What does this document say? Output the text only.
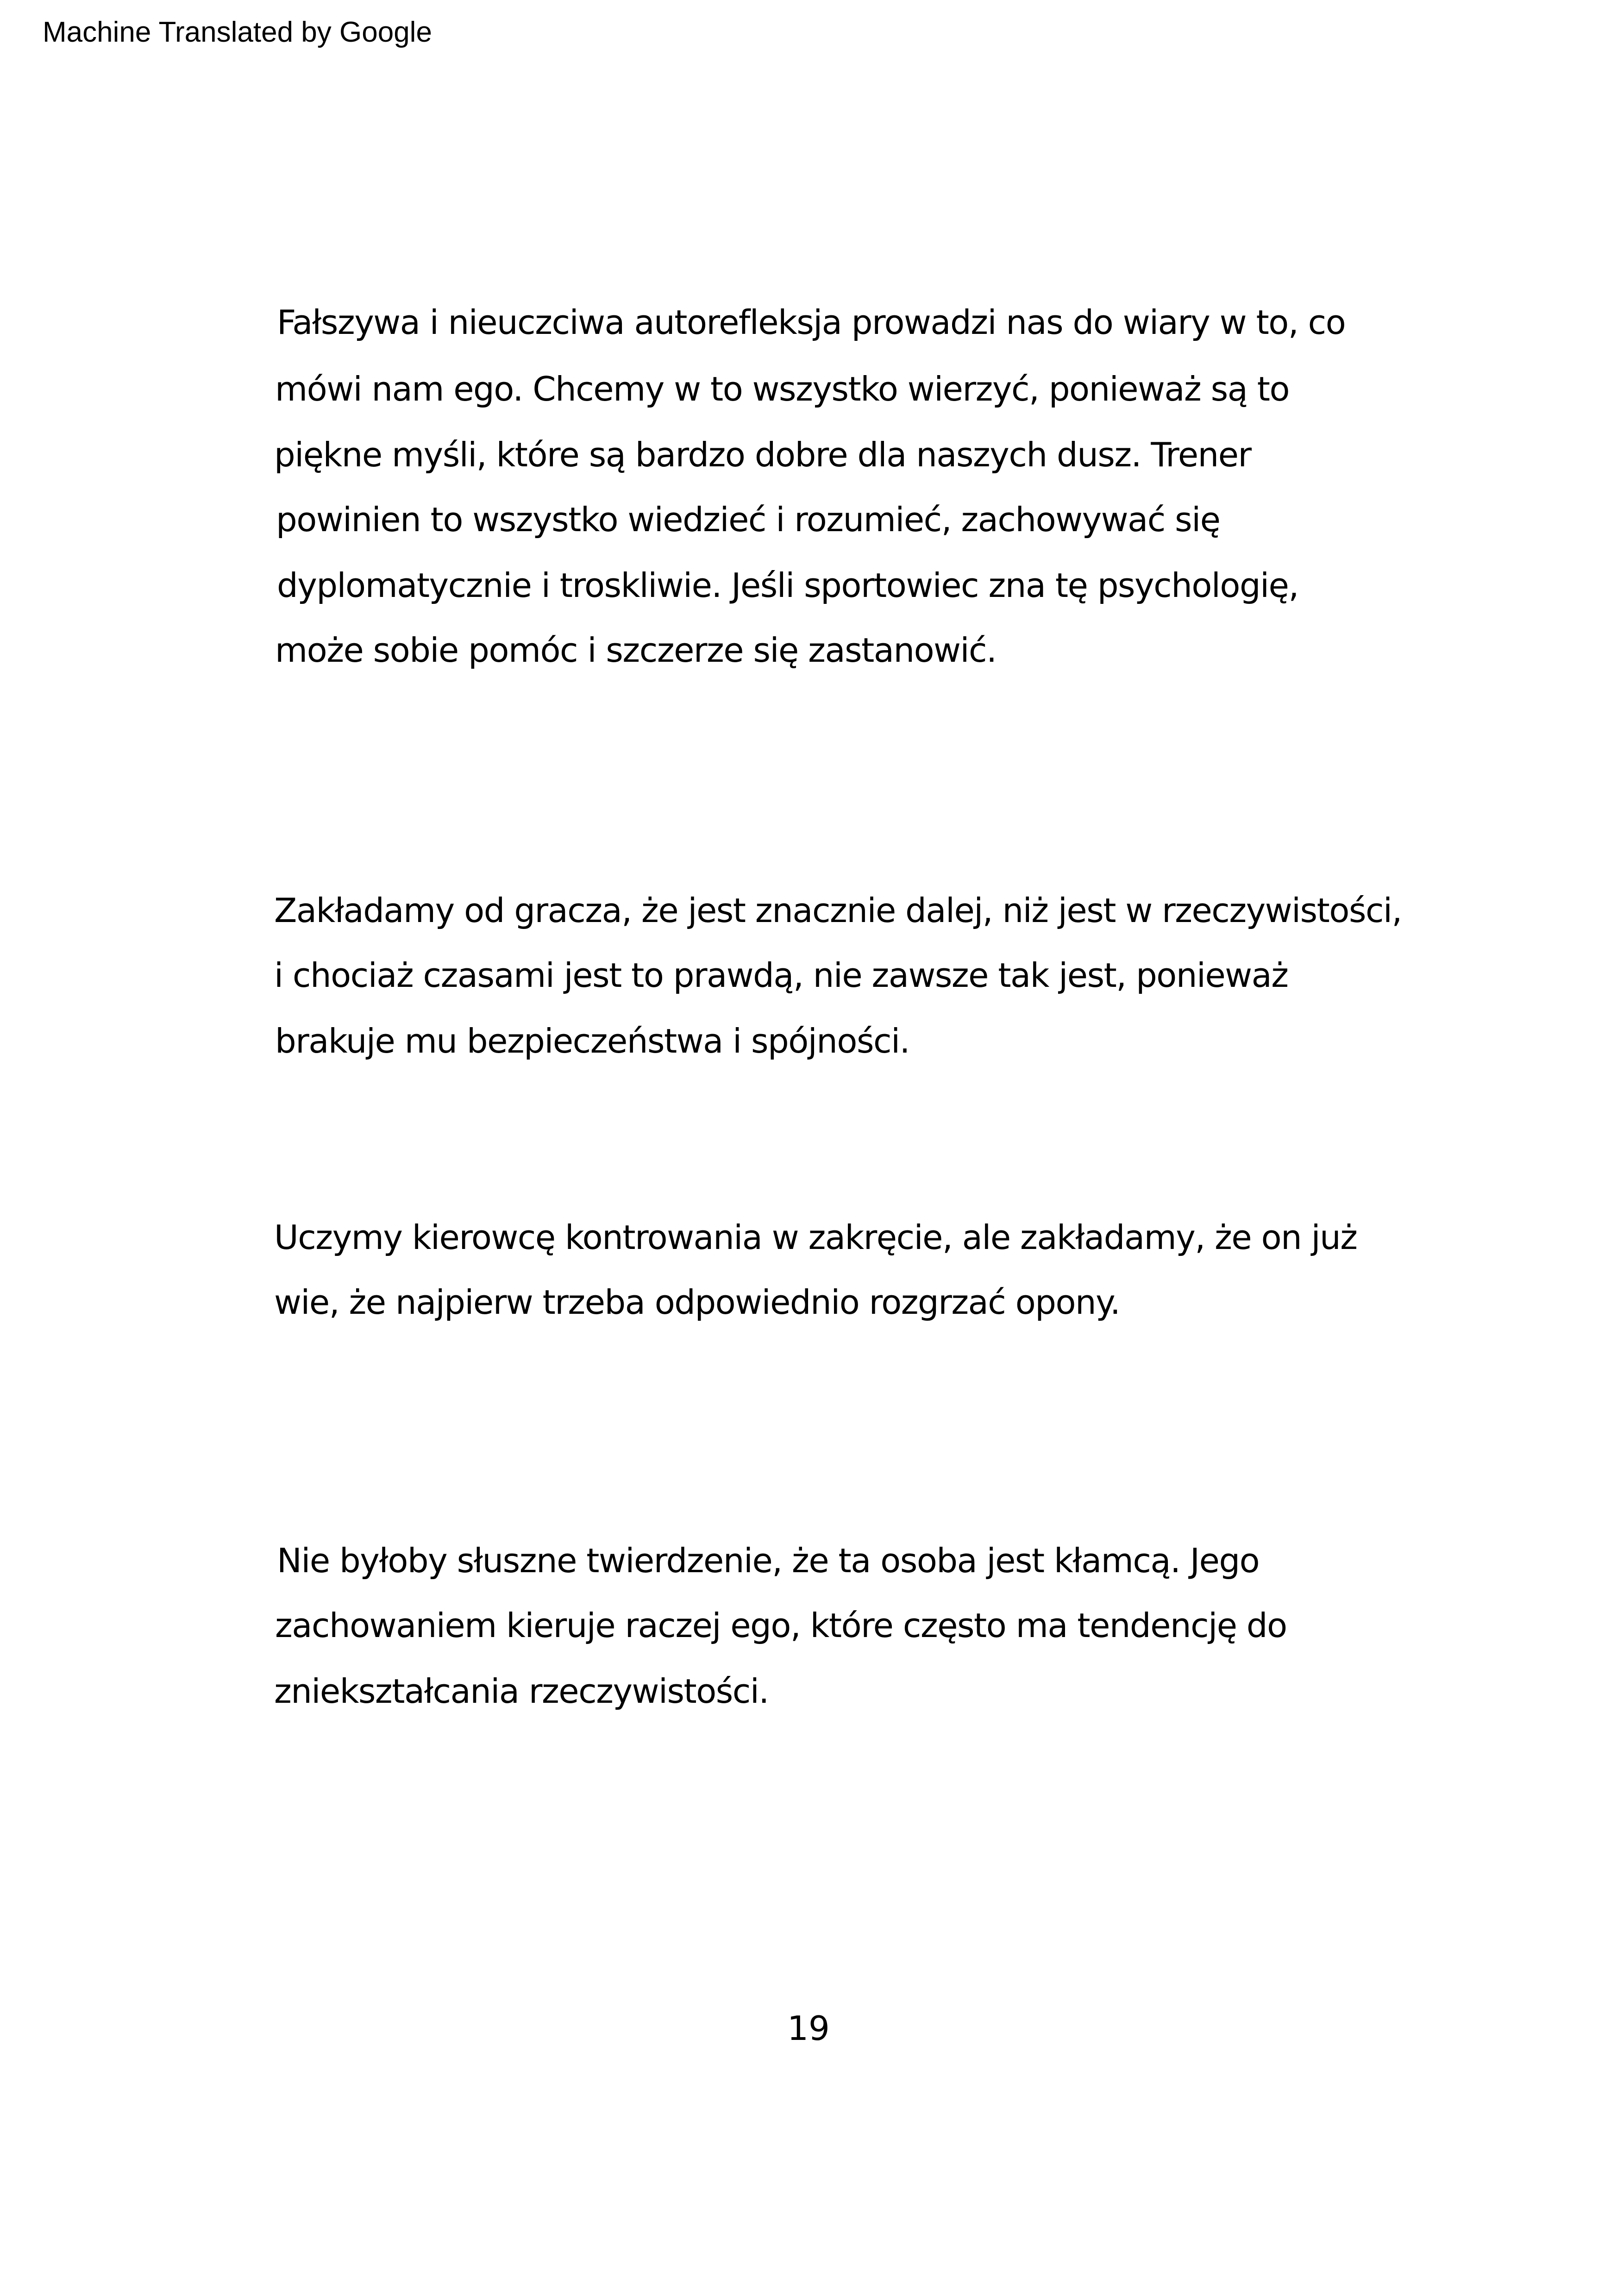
Machine Translated by Google
Fałszywa i nieuczciwa autorefleksja prowadzi nas do wiary w to, co
mówi nam ego. Chcemy w to wszystko wierzyć, ponieważ są to
piękne myśli, które są bardzo dobre dla naszych dusz. Trener
powinien to wszystko wiedzieć i rozumieć, zachowywać się
dyplomatycznie i troskliwie. Jeśli sportowiec zna tę psychologię,
może sobie pomóc i szczerze się zastanowić.
Zakładamy od gracza, że jest znacznie dalej, niż jest w rzeczywistości,
i chociaż czasami jest to prawdą, nie zawsze tak jest, ponieważ
brakuje mu bezpieczeństwa i spójności.
Uczymy kierowcę kontrowania w zakręcie, ale zakładamy, że on już
wie, że najpierw trzeba odpowiednio rozgrzać opony.
Nie byłoby słuszne twierdzenie, że ta osoba jest kłamcą. Jego
zachowaniem kieruje raczej ego, które często ma tendencję do
zniekształcania rzeczywistości.
19
